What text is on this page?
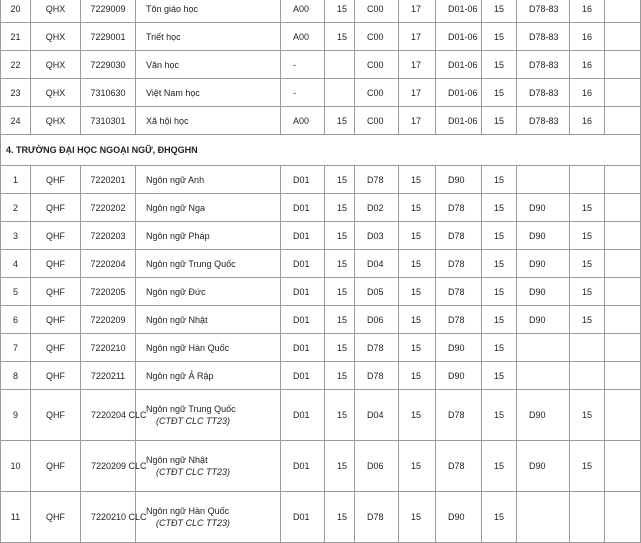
20	QHX	7229009	Tôn giáo học	A00	15	C00	17	D01-06	15	D78-83	16	
21	QHX	7229001	Triết học	A00	15	C00	17	D01-06	15	D78-83	16	
22	QHX	7229030	Văn học	-		C00	17	D01-06	15	D78-83	16	
23	QHX	7310630	Việt Nam học	-		C00	17	D01-06	15	D78-83	16	
24	QHX	7310301	Xã hội học	A00	15	C00	17	D01-06	15	D78-83	16	
4. TRƯỜNG ĐẠI HỌC NGOẠI NGỮ, ĐHQGHN												
1	QHF	7220201	Ngôn ngữ Anh	D01	15	D78	15	D90	15			
2	QHF	7220202	Ngôn ngữ Nga	D01	15	D02	15	D78	15	D90	15	
3	QHF	7220203	Ngôn ngữ Pháp	D01	15	D03	15	D78	15	D90	15	
4	QHF	7220204	Ngôn ngữ Trung Quốc	D01	15	D04	15	D78	15	D90	15	
5	QHF	7220205	Ngôn ngữ Đức	D01	15	D05	15	D78	15	D90	15	
6	QHF	7220209	Ngôn ngữ Nhật	D01	15	D06	15	D78	15	D90	15	
7	QHF	7220210	Ngôn ngữ Hàn Quốc	D01	15	D78	15	D90	15			
8	QHF	7220211	Ngôn ngữ Ả Rập	D01	15	D78	15	D90	15			
9	QHF	7220204 CLC	Ngôn ngữ Trung Quốc
(CTĐT CLC TT23)	D01	15	D04	15	D78	15	D90	15	
10	QHF	7220209 CLC	Ngôn ngữ Nhật
(CTĐT CLC TT23)	D01	15	D06	15	D78	15	D90	15	
11	QHF	7220210 CLC	Ngôn ngữ Hàn Quốc
(CTĐT CLC TT23)	D01	15	D78	15	D90	15			
